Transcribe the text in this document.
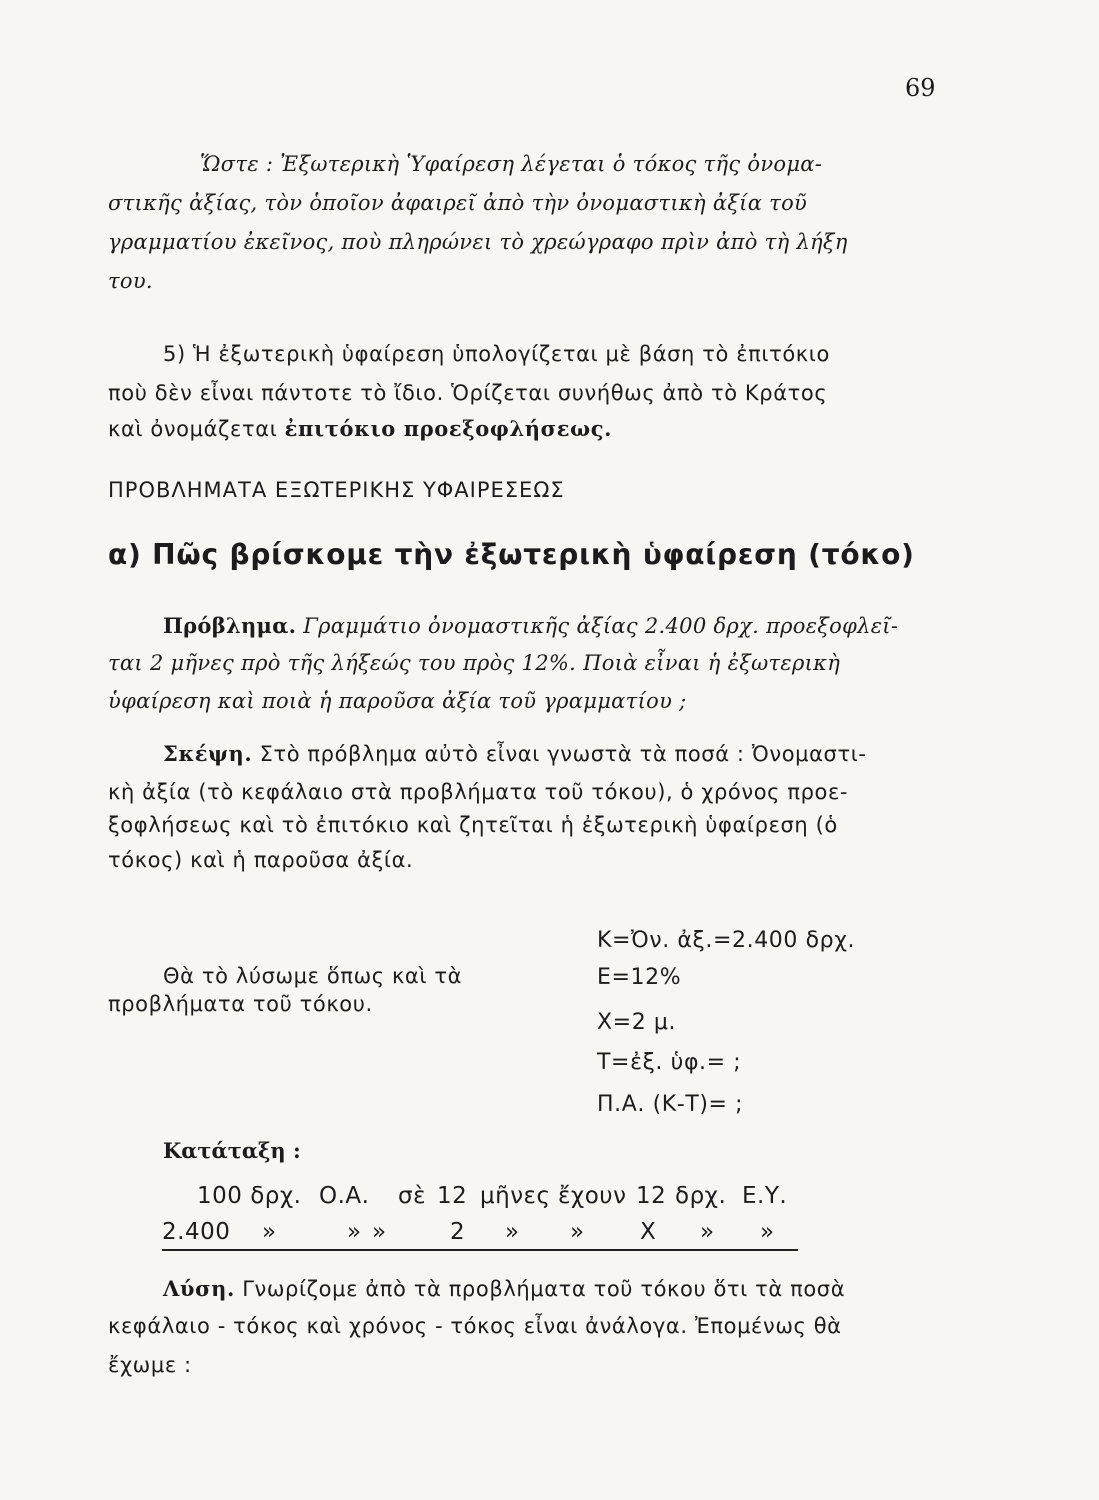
69
Ὥστε : Ἐξωτερικὴ Ὑφαίρεση λέγεται ὁ τόκος τῆς ὀνομα-
στικῆς ἀξίας, τὸν ὁποῖον ἀφαιρεῖ ἀπὸ τὴν ὀνομαστικὴ ἀξία τοῦ
γραμματίου ἐκεῖνος, ποὺ πληρώνει τὸ χρεώγραφο πρὶν ἀπὸ τὴ λήξη
του.
5) Ἡ ἐξωτερικὴ ὑφαίρεση ὑπολογίζεται μὲ βάση τὸ ἐπιτόκιο
ποὺ δὲν εἶναι πάντοτε τὸ ἴδιο. Ὁρίζεται συνήθως ἀπὸ τὸ Κράτος
καὶ ὀνομάζεται ἐπιτόκιο προεξοφλήσεως.
ΠΡΟΒΛΗΜΑΤΑ ΕΞΩΤΕΡΙΚΗΣ ΥΦΑΙΡΕΣΕΩΣ
α) Πῶς βρίσκομε τὴν ἐξωτερικὴ ὑφαίρεση (τόκο)
Πρόβλημα. Γραμμάτιο ὀνομαστικῆς ἀξίας 2.400 δρχ. προεξοφλεῖ-
ται 2 μῆνες πρὸ τῆς λήξεώς του πρὸς 12%. Ποιὰ εἶναι ἡ ἐξωτερικὴ
ὑφαίρεση καὶ ποιὰ ἡ παροῦσα ἀξία τοῦ γραμματίου ;
Σκέψη. Στὸ πρόβλημα αὐτὸ εἶναι γνωστὰ τὰ ποσά : Ὀνομαστι-
κὴ ἀξία (τὸ κεφάλαιο στὰ προβλήματα τοῦ τόκου), ὁ χρόνος προε-
ξοφλήσεως καὶ τὸ ἐπιτόκιο καὶ ζητεῖται ἡ ἐξωτερικὴ ὑφαίρεση (ὁ
τόκος) καὶ ἡ παροῦσα ἀξία.
Κ=Ὀν. ἀξ.=2.400 δρχ.
Θὰ τὸ λύσωμε ὅπως καὶ τὰ	Ε=12%
προβλήματα τοῦ τόκου.
Χ=2 μ.
Τ=ἐξ. ὑφ.= ;
Π.Α. (Κ-Τ)= ;
Κατάταξη :
100 δρχ. Ο.Α. σὲ 12 μῆνες ἔχουν 12 δρχ. Ε.Υ.
2.400 »	» »	2 » » Χ » »
Λύση. Γνωρίζομε ἀπὸ τὰ προβλήματα τοῦ τόκου ὅτι τὰ ποσὰ
κεφάλαιο - τόκος καὶ χρόνος - τόκος εἶναι ἀνάλογα. Ἐπομένως θὰ
ἔχωμε :
